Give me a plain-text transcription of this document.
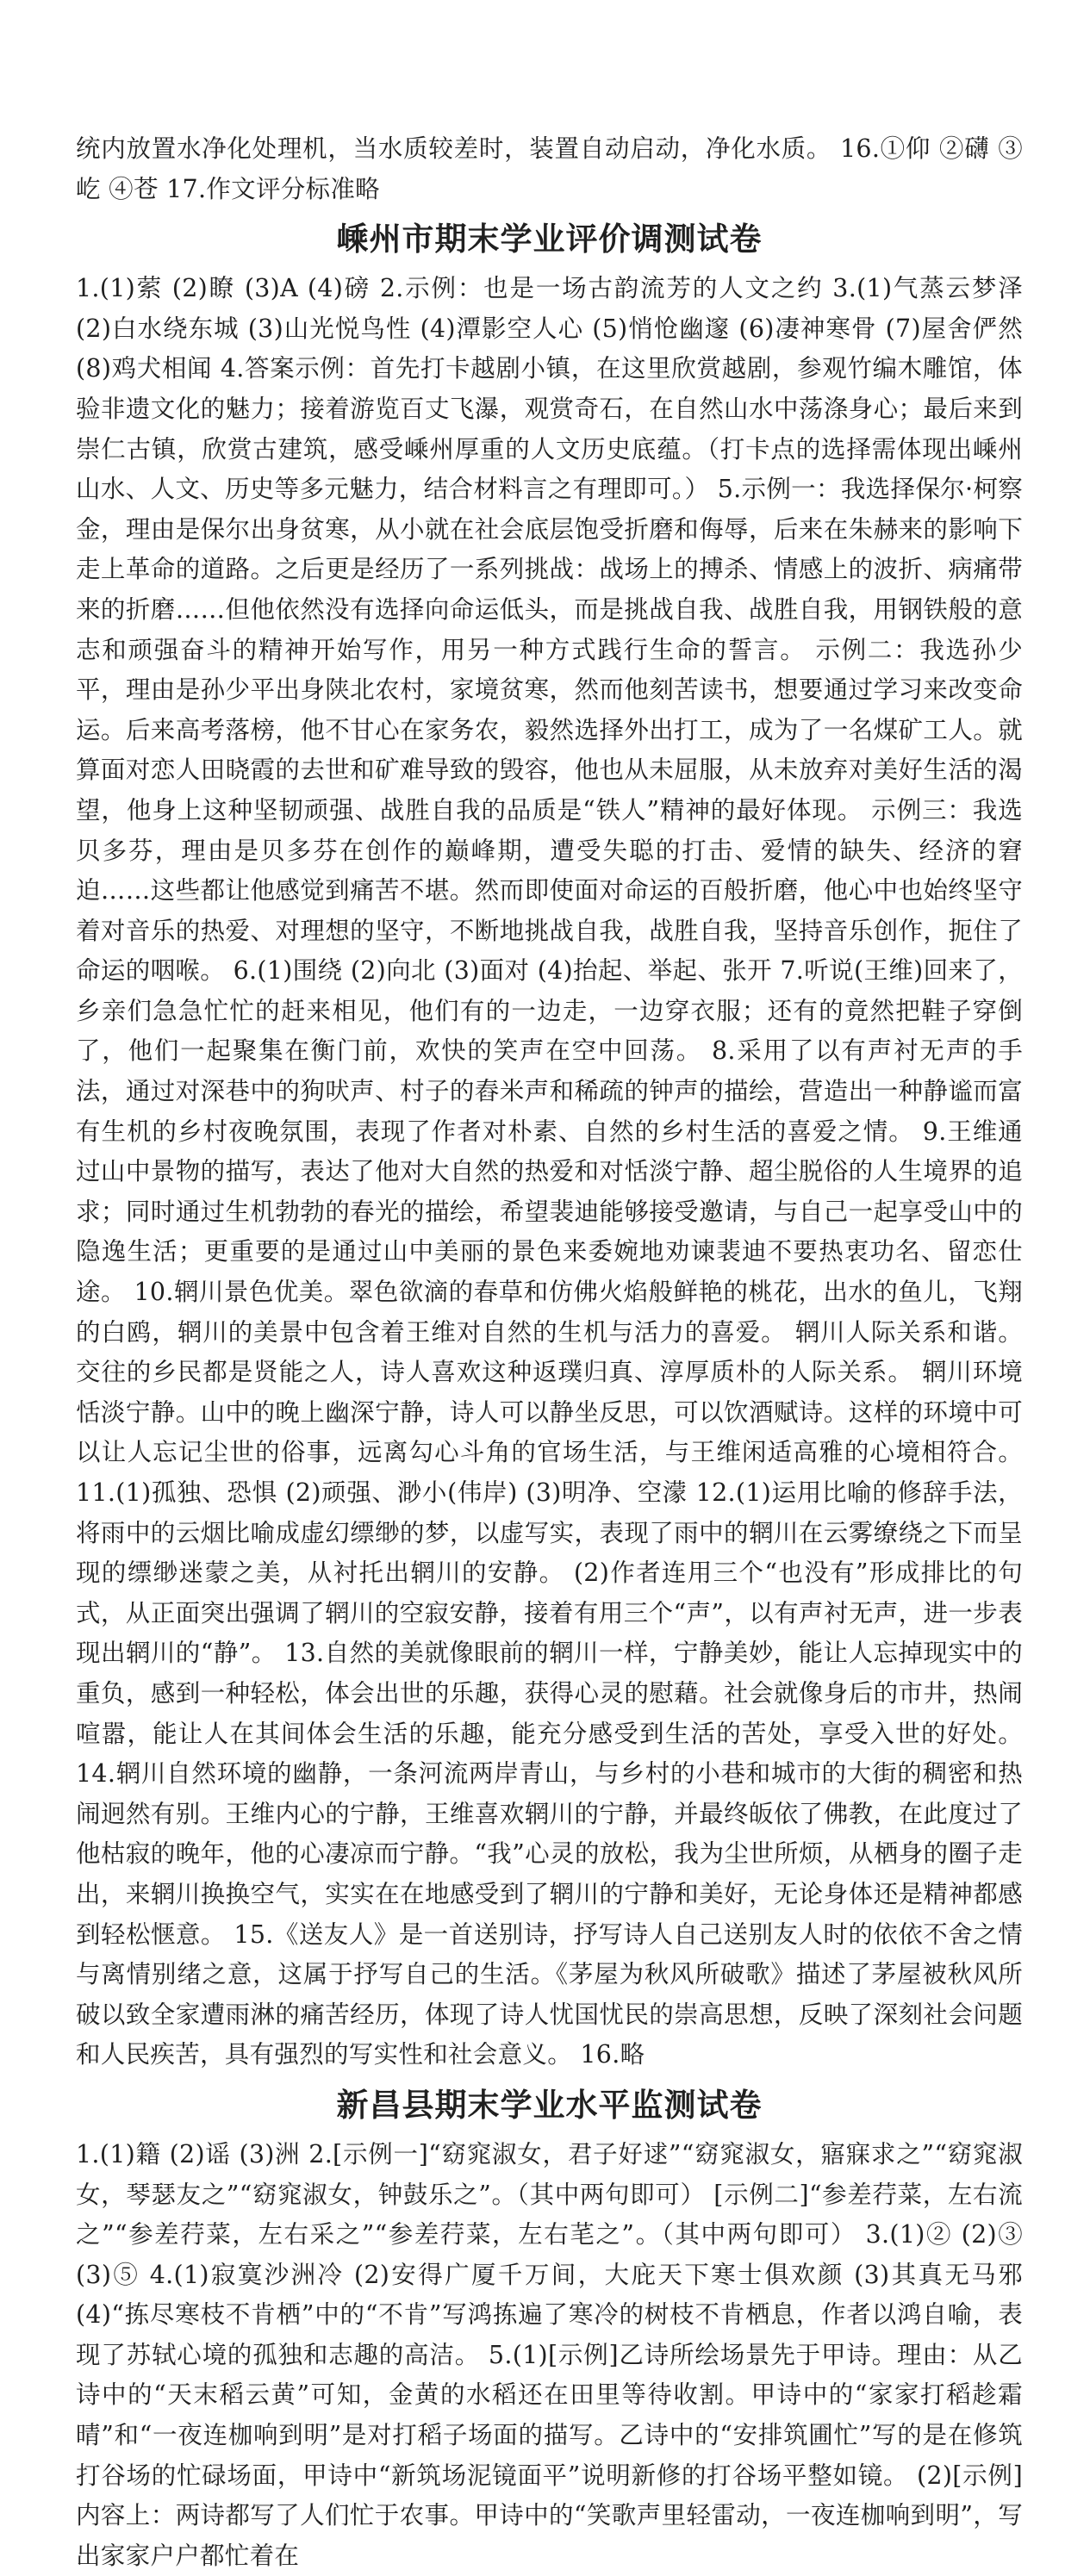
统内放置水净化处理机，当水质较差时，装置自动启动，净化水质。 16.①仰 ②礴 ③屹 ④苍 17.作文评分标准略

嵊州市期末学业评价调测试卷

1.(1)萦 (2)瞭 (3)A (4)磅 2.示例：也是一场古韵流芳的人文之约 3.(1)气蒸云梦泽 (2)白水绕东城 (3)山光悦鸟性 (4)潭影空人心 (5)悄怆幽邃 (6)凄神寒骨 (7)屋舍俨然 (8)鸡犬相闻 4.答案示例：首先打卡越剧小镇，在这里欣赏越剧，参观竹编木雕馆，体验非遗文化的魅力；接着游览百丈飞瀑，观赏奇石，在自然山水中荡涤身心；最后来到崇仁古镇，欣赏古建筑，感受嵊州厚重的人文历史底蕴。（打卡点的选择需体现出嵊州山水、人文、历史等多元魅力，结合材料言之有理即可。） 5.示例一：我选择保尔·柯察金，理由是保尔出身贫寒，从小就在社会底层饱受折磨和侮辱，后来在朱赫来的影响下走上革命的道路。之后更是经历了一系列挑战：战场上的搏杀、情感上的波折、病痛带来的折磨……但他依然没有选择向命运低头，而是挑战自我、战胜自我，用钢铁般的意志和顽强奋斗的精神开始写作，用另一种方式践行生命的誓言。 示例二：我选孙少平，理由是孙少平出身陕北农村，家境贫寒，然而他刻苦读书，想要通过学习来改变命运。后来高考落榜，他不甘心在家务农，毅然选择外出打工，成为了一名煤矿工人。就算面对恋人田晓霞的去世和矿难导致的毁容，他也从未屈服，从未放弃对美好生活的渴望，他身上这种坚韧顽强、战胜自我的品质是“铁人”精神的最好体现。 示例三：我选贝多芬，理由是贝多芬在创作的巅峰期，遭受失聪的打击、爱情的缺失、经济的窘迫……这些都让他感觉到痛苦不堪。然而即使面对命运的百般折磨，他心中也始终坚守着对音乐的热爱、对理想的坚守，不断地挑战自我，战胜自我，坚持音乐创作，扼住了命运的咽喉。 6.(1)围绕 (2)向北 (3)面对 (4)抬起、举起、张开 7.听说(王维)回来了，乡亲们急急忙忙的赶来相见，他们有的一边走，一边穿衣服；还有的竟然把鞋子穿倒了，他们一起聚集在衡门前，欢快的笑声在空中回荡。 8.采用了以有声衬无声的手法，通过对深巷中的狗吠声、村子的舂米声和稀疏的钟声的描绘，营造出一种静谧而富有生机的乡村夜晚氛围，表现了作者对朴素、自然的乡村生活的喜爱之情。 9.王维通过山中景物的描写，表达了他对大自然的热爱和对恬淡宁静、超尘脱俗的人生境界的追求；同时通过生机勃勃的春光的描绘，希望裴迪能够接受邀请，与自己一起享受山中的隐逸生活；更重要的是通过山中美丽的景色来委婉地劝谏裴迪不要热衷功名、留恋仕途。 10.辋川景色优美。翠色欲滴的春草和仿佛火焰般鲜艳的桃花，出水的鱼儿，飞翔的白鸥，辋川的美景中包含着王维对自然的生机与活力的喜爱。 辋川人际关系和谐。交往的乡民都是贤能之人，诗人喜欢这种返璞归真、淳厚质朴的人际关系。 辋川环境恬淡宁静。山中的晚上幽深宁静，诗人可以静坐反思，可以饮酒赋诗。这样的环境中可以让人忘记尘世的俗事，远离勾心斗角的官场生活，与王维闲适高雅的心境相符合。 11.(1)孤独、恐惧 (2)顽强、渺小(伟岸) (3)明净、空濛 12.(1)运用比喻的修辞手法，将雨中的云烟比喻成虚幻缥缈的梦，以虚写实，表现了雨中的辋川在云雾缭绕之下而呈现的缥缈迷蒙之美，从衬托出辋川的安静。 (2)作者连用三个“也没有”形成排比的句式，从正面突出强调了辋川的空寂安静，接着有用三个“声”，以有声衬无声，进一步表现出辋川的“静”。 13.自然的美就像眼前的辋川一样，宁静美妙，能让人忘掉现实中的重负，感到一种轻松，体会出世的乐趣，获得心灵的慰藉。社会就像身后的市井，热闹喧嚣，能让人在其间体会生活的乐趣，能充分感受到生活的苦处，享受入世的好处。 14.辋川自然环境的幽静，一条河流两岸青山，与乡村的小巷和城市的大街的稠密和热闹迥然有别。王维内心的宁静，王维喜欢辋川的宁静，并最终皈依了佛教，在此度过了他枯寂的晚年，他的心凄凉而宁静。“我”心灵的放松，我为尘世所烦，从栖身的圈子走出，来辋川换换空气，实实在在地感受到了辋川的宁静和美好，无论身体还是精神都感到轻松惬意。 15.《送友人》是一首送别诗，抒写诗人自己送别友人时的依依不舍之情与离情别绪之意，这属于抒写自己的生活。《茅屋为秋风所破歌》描述了茅屋被秋风所破以致全家遭雨淋的痛苦经历，体现了诗人忧国忧民的崇高思想，反映了深刻社会问题和人民疾苦，具有强烈的写实性和社会意义。 16.略

新昌县期末学业水平监测试卷

1.(1)籍 (2)谣 (3)洲 2.[示例一]“窈窕淑女，君子好逑”“窈窕淑女，寤寐求之”“窈窕淑女，琴瑟友之”“窈窕淑女，钟鼓乐之”。（其中两句即可） [示例二]“参差荇菜，左右流之”“参差荇菜，左右采之”“参差荇菜，左右芼之”。（其中两句即可） 3.(1)② (2)③ (3)⑤ 4.(1)寂寞沙洲冷 (2)安得广厦千万间，大庇天下寒士俱欢颜 (3)其真无马邪 (4)“拣尽寒枝不肯栖”中的“不肯”写鸿拣遍了寒冷的树枝不肯栖息，作者以鸿自喻，表现了苏轼心境的孤独和志趣的高洁。 5.(1)[示例]乙诗所绘场景先于甲诗。理由：从乙诗中的“天末稻云黄”可知，金黄的水稻还在田里等待收割。甲诗中的“家家打稻趁霜晴”和“一夜连枷响到明”是对打稻子场面的描写。乙诗中的“安排筑圃忙”写的是在修筑打谷场的忙碌场面，甲诗中“新筑场泥镜面平”说明新修的打谷场平整如镜。 (2)[示例]内容上：两诗都写了人们忙于农事。甲诗中的“笑歌声里轻雷动，一夜连枷响到明”，写出家家户户都忙着在
